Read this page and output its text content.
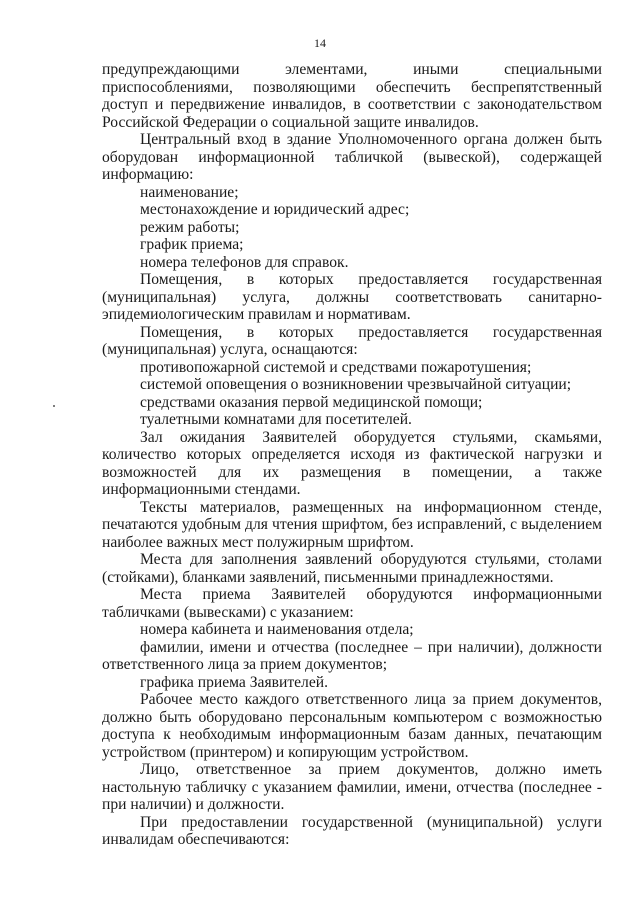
14

предупреждающими элементами, иными специальными приспособлениями, позволяющими обеспечить беспрепятственный доступ и передвижение инвалидов, в соответствии с законодательством Российской Федерации о социальной защите инвалидов.

Центральный вход в здание Уполномоченного органа должен быть оборудован информационной табличкой (вывеской), содержащей информацию:

наименование;

местонахождение и юридический адрес;

режим работы;

график приема;

номера телефонов для справок.

Помещения, в которых предоставляется государственная (муниципальная) услуга, должны соответствовать санитарно-эпидемиологическим правилам и нормативам.

Помещения, в которых предоставляется государственная (муниципальная) услуга, оснащаются:

противопожарной системой и средствами пожаротушения;

системой оповещения о возникновении чрезвычайной ситуации;

средствами оказания первой медицинской помощи;

туалетными комнатами для посетителей.

Зал ожидания Заявителей оборудуется стульями, скамьями, количество которых определяется исходя из фактической нагрузки и возможностей для их размещения в помещении, а также информационными стендами.

Тексты материалов, размещенных на информационном стенде, печатаются удобным для чтения шрифтом, без исправлений, с выделением наиболее важных мест полужирным шрифтом.

Места для заполнения заявлений оборудуются стульями, столами (стойками), бланками заявлений, письменными принадлежностями.

Места приема Заявителей оборудуются информационными табличками (вывесками) с указанием:

номера кабинета и наименования отдела;

фамилии, имени и отчества (последнее – при наличии), должности ответственного лица за прием документов;

графика приема Заявителей.

Рабочее место каждого ответственного лица за прием документов, должно быть оборудовано персональным компьютером с возможностью доступа к необходимым информационным базам данных, печатающим устройством (принтером) и копирующим устройством.

Лицо, ответственное за прием документов, должно иметь настольную табличку с указанием фамилии, имени, отчества (последнее - при наличии) и должности.

При предоставлении государственной (муниципальной) услуги инвалидам обеспечиваются:
